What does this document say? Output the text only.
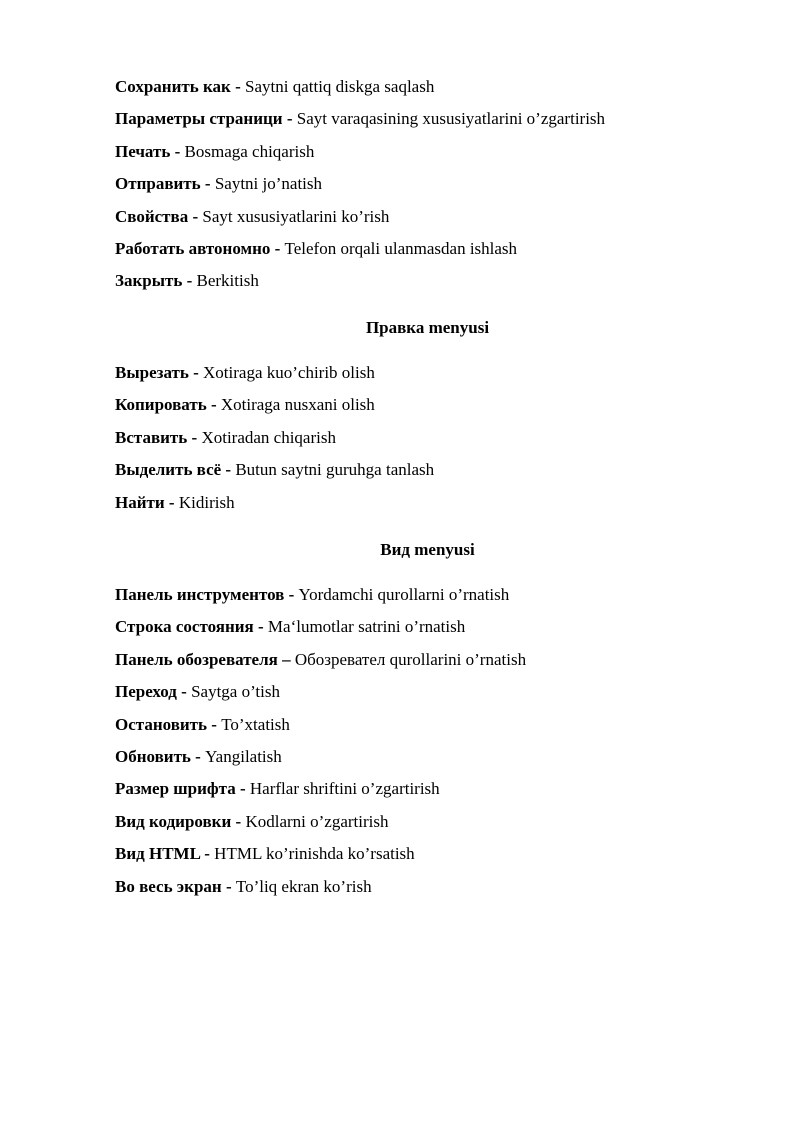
Сохранить как - Saytni qattiq diskga saqlash
Параметры страници - Sayt varaqasining xususiyatlarini o’zgartirish
Печать - Bosmaga chiqarish
Отправить - Saytni jo’natish
Свойства - Sayt xususiyatlarini ko’rish
Работать автономно - Telefon orqali ulanmasdan ishlash
Закрыть - Berkitish
Правка menyusi
Вырезать - Xotiraga kuo’chirib olish
Копировать - Xotiraga nusxani olish
Вставить - Xotiradan chiqarish
Выделить всё - Butun saytni guruhga tanlash
Найти - Kidirish
Вид menyusi
Панель инструментов - Yordamchi qurollarni o’rnatish
Строка состояния - Ma‘lumotlar satrini o’rnatish
Панель обозревателя – Обозревател qurollarini o’rnatish
Переход - Saytga o’tish
Остановить - To’xtatish
Обновить - Yangilatish
Размер шрифта - Harflar shriftini o’zgartirish
Вид кодировки - Kodlarni o’zgartirish
Вид HTML - HTML ko’rinishda ko’rsatish
Во весь экран - To’liq ekran ko’rish
